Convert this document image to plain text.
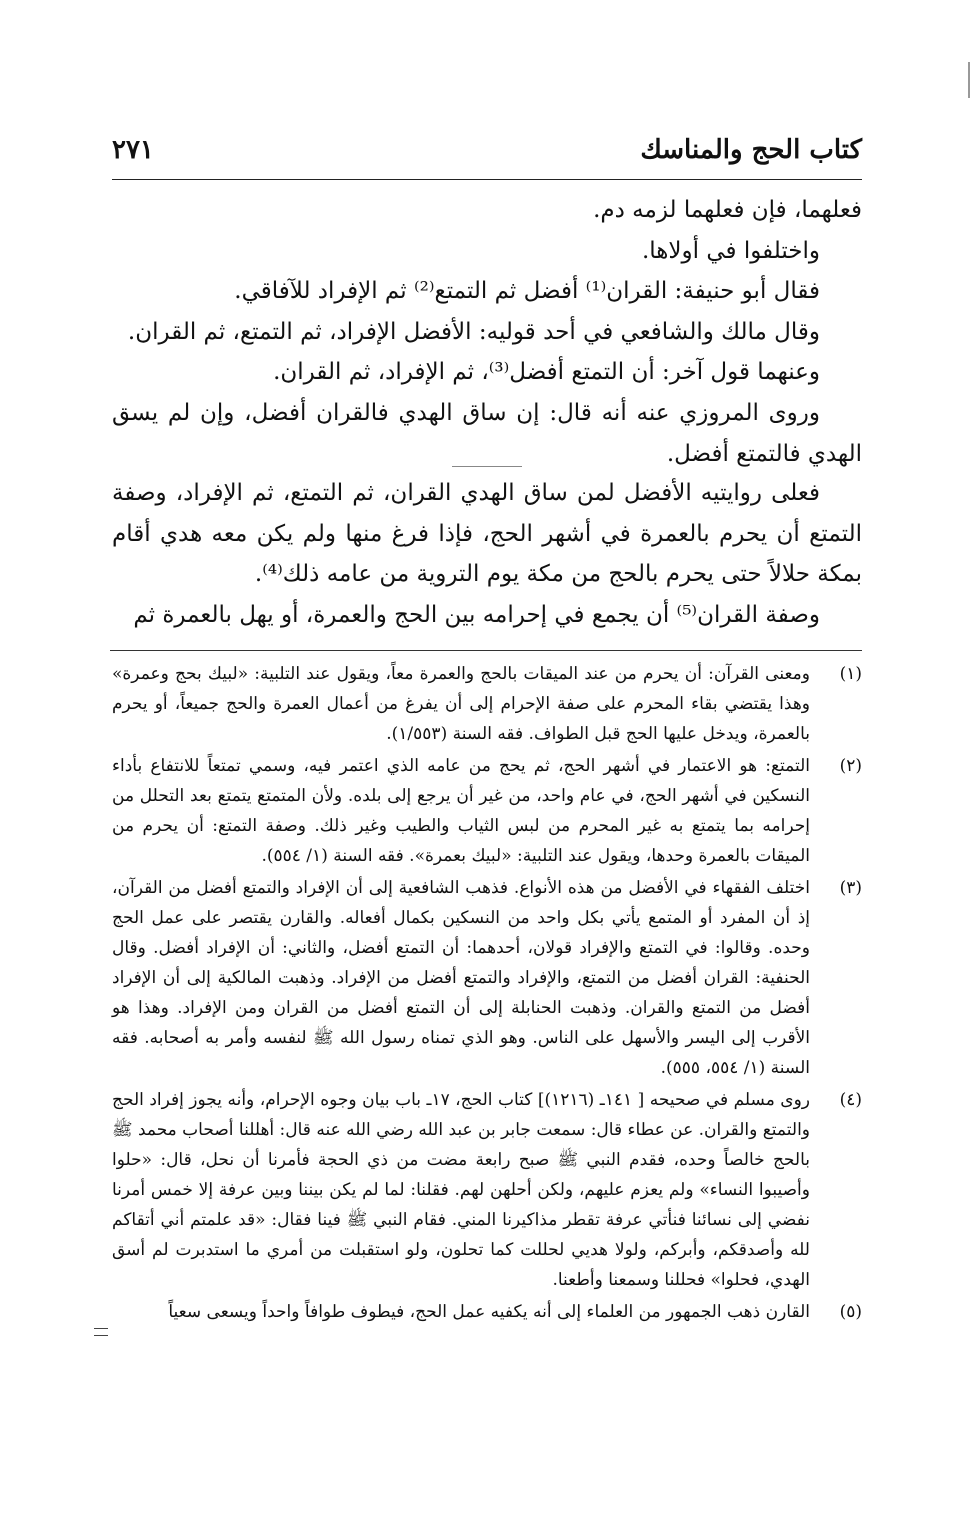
كتاب الحج والمناسك
٢٧١

فعلهما، فإن فعلهما لزمه دم.

واختلفوا في أولاها.

فقال أبو حنيفة: القران⁽¹⁾ أفضل ثم التمتع⁽²⁾ ثم الإفراد للآفاقي.

وقال مالك والشافعي في أحد قوليه: الأفضل الإفراد، ثم التمتع، ثم القران.

وعنهما قول آخر: أن التمتع أفضل⁽³⁾، ثم الإفراد، ثم القران.

وروى المروزي عنه أنه قال: إن ساق الهدي فالقران أفضل، وإن لم يسق الهدي فالتمتع أفضل.

فعلى روايتيه الأفضل لمن ساق الهدي القران، ثم التمتع، ثم الإفراد، وصفة التمتع أن يحرم بالعمرة في أشهر الحج، فإذا فرغ منها ولم يكن معه هدي أقام بمكة حلالاً حتى يحرم بالحج من مكة يوم التروية من عامه ذلك⁽⁴⁾.

وصفة القران⁽⁵⁾ أن يجمع في إحرامه بين الحج والعمرة، أو يهل بالعمرة ثم

(١)
ومعنى القرآن: أن يحرم من عند الميقات بالحج والعمرة معاً، ويقول عند التلبية: «لبيك بحج وعمرة» وهذا يقتضي بقاء المحرم على صفة الإحرام إلى أن يفرغ من أعمال العمرة والحج جميعاً، أو يحرم بالعمرة، ويدخل عليها الحج قبل الطواف. فقه السنة (١/٥٥٣).
(٢)
التمتع: هو الاعتمار في أشهر الحج، ثم يحج من عامه الذي اعتمر فيه، وسمي تمتعاً للانتفاع بأداء النسكين في أشهر الحج، في عام واحد، من غير أن يرجع إلى بلده. ولأن المتمتع يتمتع بعد التحلل من إحرامه بما يتمتع به غير المحرم من لبس الثياب والطيب وغير ذلك. وصفة التمتع: أن يحرم من الميقات بالعمرة وحدها، ويقول عند التلبية: «لبيك بعمرة». فقه السنة (١/ ٥٥٤).
(٣)
اختلف الفقهاء في الأفضل من هذه الأنواع. فذهب الشافعية إلى أن الإفراد والتمتع أفضل من القرآن، إذ أن المفرد أو المتمع يأتي بكل واحد من النسكين بكمال أفعاله. والقارن يقتصر على عمل الحج وحده. وقالوا: في التمتع والإفراد قولان، أحدهما: أن التمتع أفضل، والثاني: أن الإفراد أفضل. وقال الحنفية: القران أفضل من التمتع، والإفراد والتمتع أفضل من الإفراد. وذهبت المالكية إلى أن الإفراد أفضل من التمتع والقران. وذهبت الحنابلة إلى أن التمتع أفضل من القران ومن الإفراد. وهذا هو الأقرب إلى اليسر والأسهل على الناس. وهو الذي تمناه رسول الله ﷺ لنفسه وأمر به أصحابه. فقه السنة (١/ ٥٥٤، ٥٥٥).
(٤)
روى مسلم في صحيحه [ ١٤١ـ (١٢١٦)] كتاب الحج، ١٧ـ باب بيان وجوه الإحرام، وأنه يجوز إفراد الحج والتمتع والقران. عن عطاء قال: سمعت جابر بن عبد الله رضي الله عنه قال: أهللنا أصحاب محمد ﷺ بالحج خالصاً وحده، فقدم النبي ﷺ صبح رابعة مضت من ذي الحجة فأمرنا أن نحل، قال: «حلوا وأصيبوا النساء» ولم يعزم عليهم، ولكن أحلهن لهم. فقلنا: لما لم يكن بيننا وبين عرفة إلا خمس أمرنا نفضي إلى نسائنا فنأتي عرفة تقطر مذاكيرنا المني. فقام النبي ﷺ فينا فقال: «قد علمتم أني أتقاكم لله وأصدقكم، وأبركم، ولولا هديي لحللت كما تحلون، ولو استقبلت من أمري ما استدبرت لم أسق الهدي، فحلوا» فحللنا وسمعنا وأطعنا.
(٥)
القارن ذهب الجمهور من العلماء إلى أنه يكفيه عمل الحج، فيطوف طوافاً واحداً ويسعى سعياً
